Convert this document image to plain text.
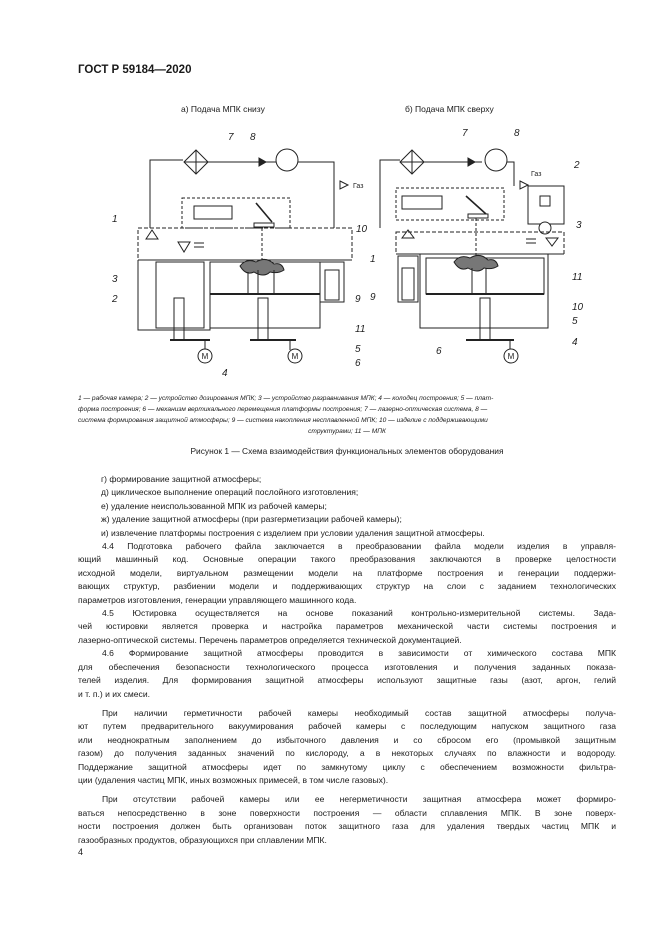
ГОСТ Р 59184—2020
а) Подача МПК снизу	б) Подача МПК сверху
M	M
Газ
7 8
1
10
3
2	9
11
5
6
4
Газ
M
7	8
2
3
1
11
9
10
5
6
4
1 — рабочая камера; 2 — устройство дозирования МПК; 3 — устройство разравнивания МПК; 4 — колодец построения; 5 — плат-
форма построения; 6 — механизм вертикального перемещения платформы построения; 7 — лазерно-оптическая система, 8 —
система формирования защитной атмосферы; 9 — система накопления несплавленной МПК; 10 — изделие с поддерживающими
структурами; 11 — МПК
Рисунок 1 — Схема взаимодействия функциональных элементов оборудования
г) формирование защитной атмосферы;
д) циклическое выполнение операций послойного изготовления;
е) удаление неиспользованной МПК из рабочей камеры;
ж) удаление защитной атмосферы (при разгерметизации рабочей камеры);
и) извлечение платформы построения с изделием при условии удаления защитной атмосферы.
4.4 Подготовка рабочего файла заключается в преобразовании файла модели изделия в управля-
ющий машинный код. Основные операции такого преобразования заключаются в проверке целостности
исходной модели, виртуальном размещении модели на платформе построения и генерации поддержи-
вающих структур, разбиении модели и поддерживающих структур на слои с заданием технологических
параметров изготовления, генерации управляющего машинного кода.
4.5 Юстировка осуществляется на основе показаний контрольно-измерительной системы. Зада-
чей юстировки является проверка и настройка параметров механической части системы построения и
лазерно-оптической системы. Перечень параметров определяется технической документацией.
4.6 Формирование защитной атмосферы проводится в зависимости от химического состава МПК
для обеспечения безопасности технологического процесса изготовления и получения заданных показа-
телей изделия. Для формирования защитной атмосферы используют защитные газы (азот, аргон, гелий
и т. п.) и их смеси.
При наличии герметичности рабочей камеры необходимый состав защитной атмосферы получа-
ют путем предварительного вакуумирования рабочей камеры с последующим напуском защитного газа
или неоднократным заполнением до избыточного давления и со сбросом его (промывкой защитным
газом) до получения заданных значений по кислороду, а в некоторых случаях по влажности и водороду.
Поддержание защитной атмосферы идет по замкнутому циклу с обеспечением возможности фильтра-
ции (удаления частиц МПК, иных возможных примесей, в том числе газовых).
При отсутствии рабочей камеры или ее негерметичности защитная атмосфера может формиро-
ваться непосредственно в зоне поверхности построения — области сплавления МПК. В зоне поверх-
ности построения должен быть организован поток защитного газа для удаления твердых частиц МПК и
газообразных продуктов, образующихся при сплавлении МПК.
4
